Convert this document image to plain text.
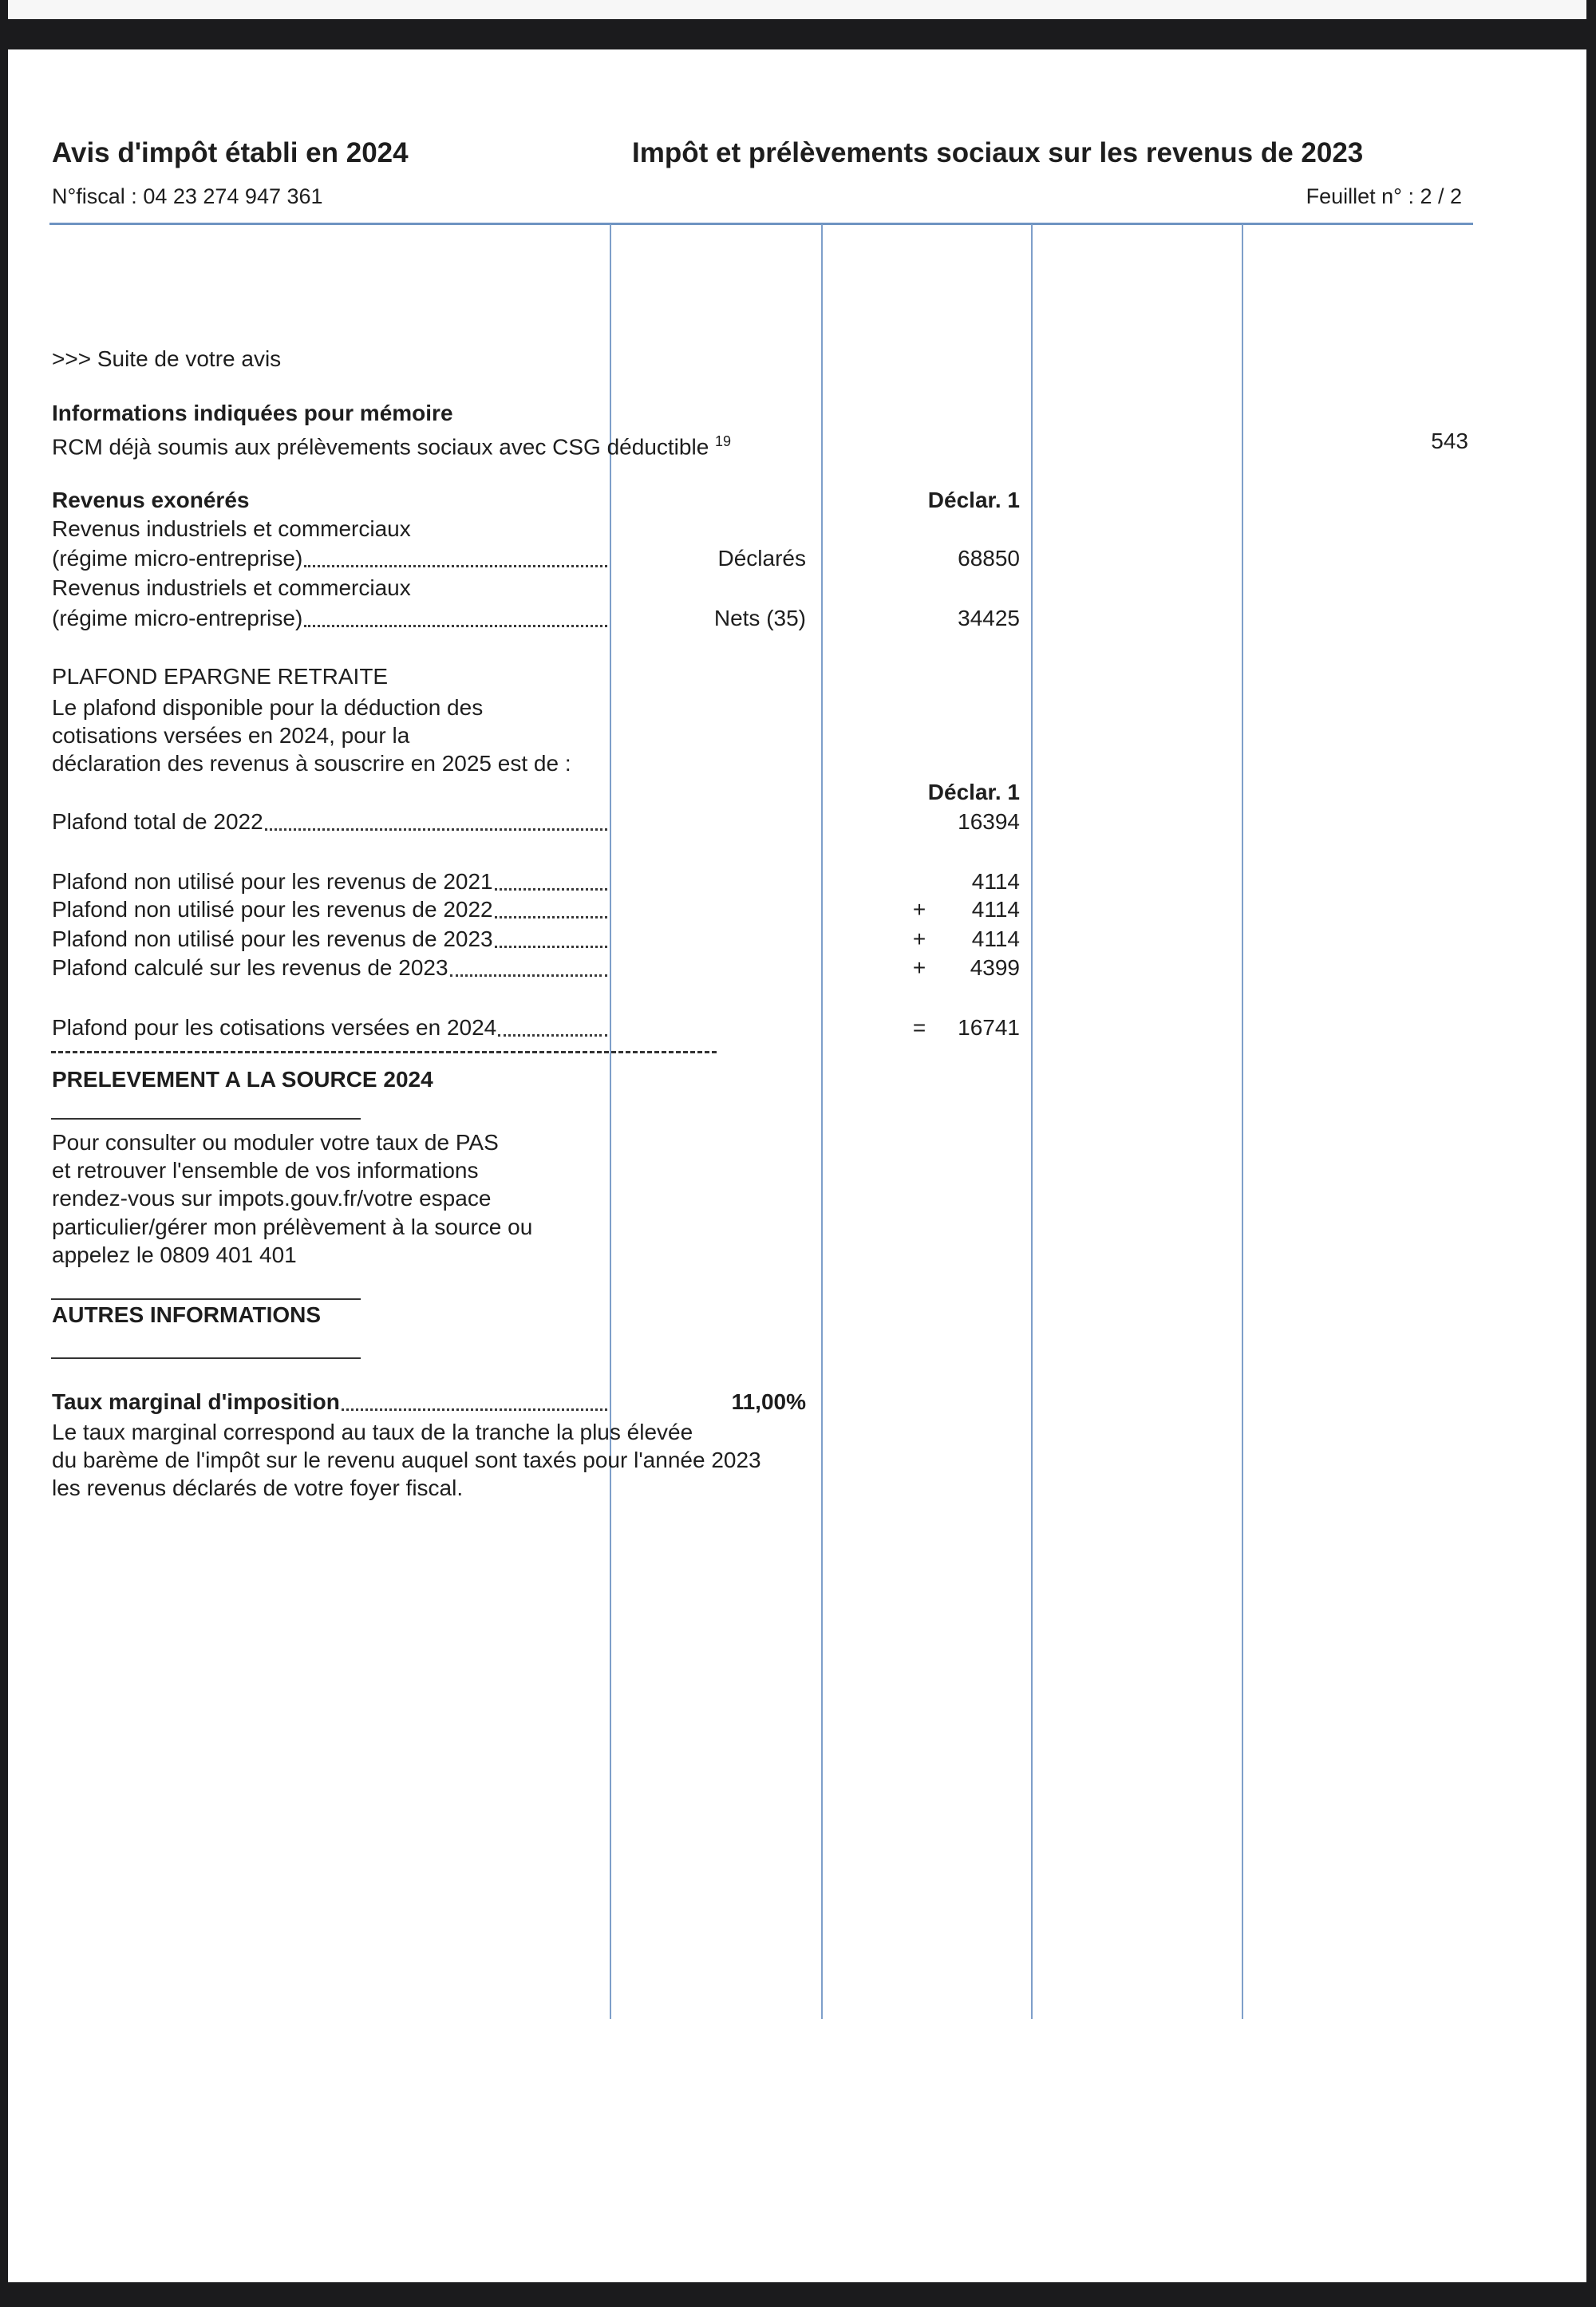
Avis d'impôt établi en 2024	Impôt et prélèvements sociaux sur les revenus de 2023
N°fiscal : 04 23 274 947 361	Feuillet n° : 2 / 2
>>> Suite de votre avis
Informations indiquées pour mémoire
RCM déjà soumis aux prélèvements sociaux avec CSG déductible $^{19}$	543
Revenus exonérés	Déclar. 1
Revenus industriels et commerciaux
(régime micro-entreprise)	Déclarés	68850
Revenus industriels et commerciaux
(régime micro-entreprise)	Nets (35)	34425
PLAFOND EPARGNE RETRAITE
Le plafond disponible pour la déduction des
cotisations versées en 2024, pour la
déclaration des revenus à souscrire en 2025 est de :
Déclar. 1
Plafond total de 2022	16394
Plafond non utilisé pour les revenus de 2021	4114
Plafond non utilisé pour les revenus de 2022	+	4114
Plafond non utilisé pour les revenus de 2023	+	4114
Plafond calculé sur les revenus de 2023	+	4399
Plafond pour les cotisations versées en 2024	=	16741
PRELEVEMENT A LA SOURCE 2024
Pour consulter ou moduler votre taux de PAS
et retrouver l'ensemble de vos informations
rendez-vous sur impots.gouv.fr/votre espace
particulier/gérer mon prélèvement à la source ou
appelez le 0809 401 401
AUTRES INFORMATIONS
Taux marginal d'imposition	11,00%
Le taux marginal correspond au taux de la tranche la plus élevée
du barème de l'impôt sur le revenu auquel sont taxés pour l'année 2023
les revenus déclarés de votre foyer fiscal.
